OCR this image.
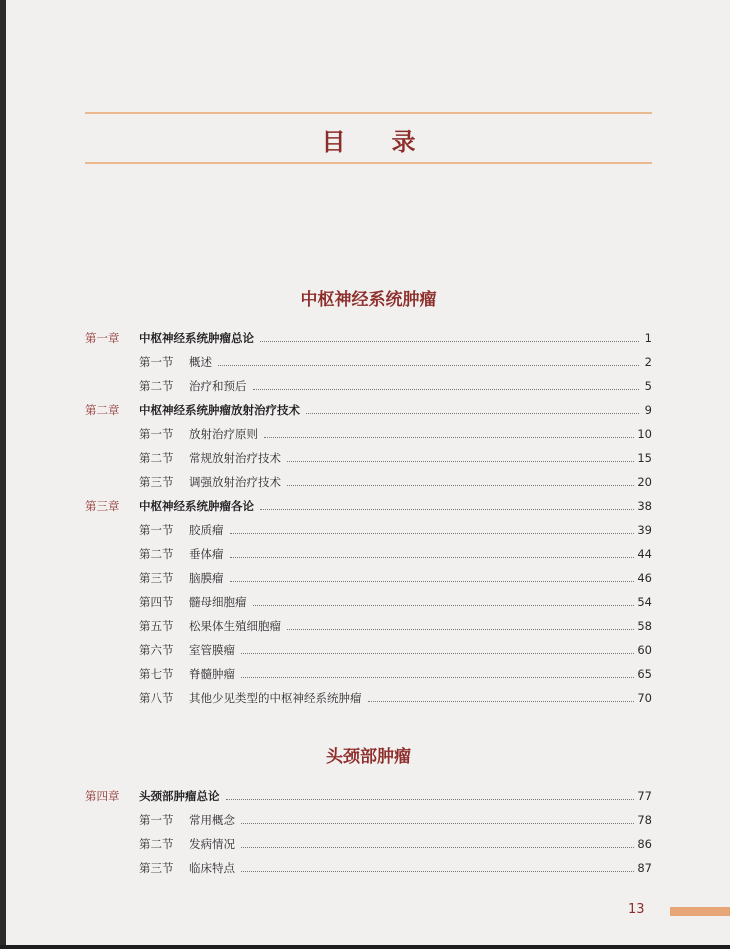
目 录
中枢神经系统肿瘤
第一章	中枢神经系统肿瘤总论	1
第一节	概述	2
第二节	治疗和预后	5
第二章	中枢神经系统肿瘤放射治疗技术	9
第一节	放射治疗原则	10
第二节	常规放射治疗技术	15
第三节	调强放射治疗技术	20
第三章	中枢神经系统肿瘤各论	38
第一节	胶质瘤	39
第二节	垂体瘤	44
第三节	脑膜瘤	46
第四节	髓母细胞瘤	54
第五节	松果体生殖细胞瘤	58
第六节	室管膜瘤	60
第七节	脊髓肿瘤	65
第八节	其他少见类型的中枢神经系统肿瘤	70
头颈部肿瘤
第四章	头颈部肿瘤总论	77
第一节	常用概念	78
第二节	发病情况	86
第三节	临床特点	87
13
